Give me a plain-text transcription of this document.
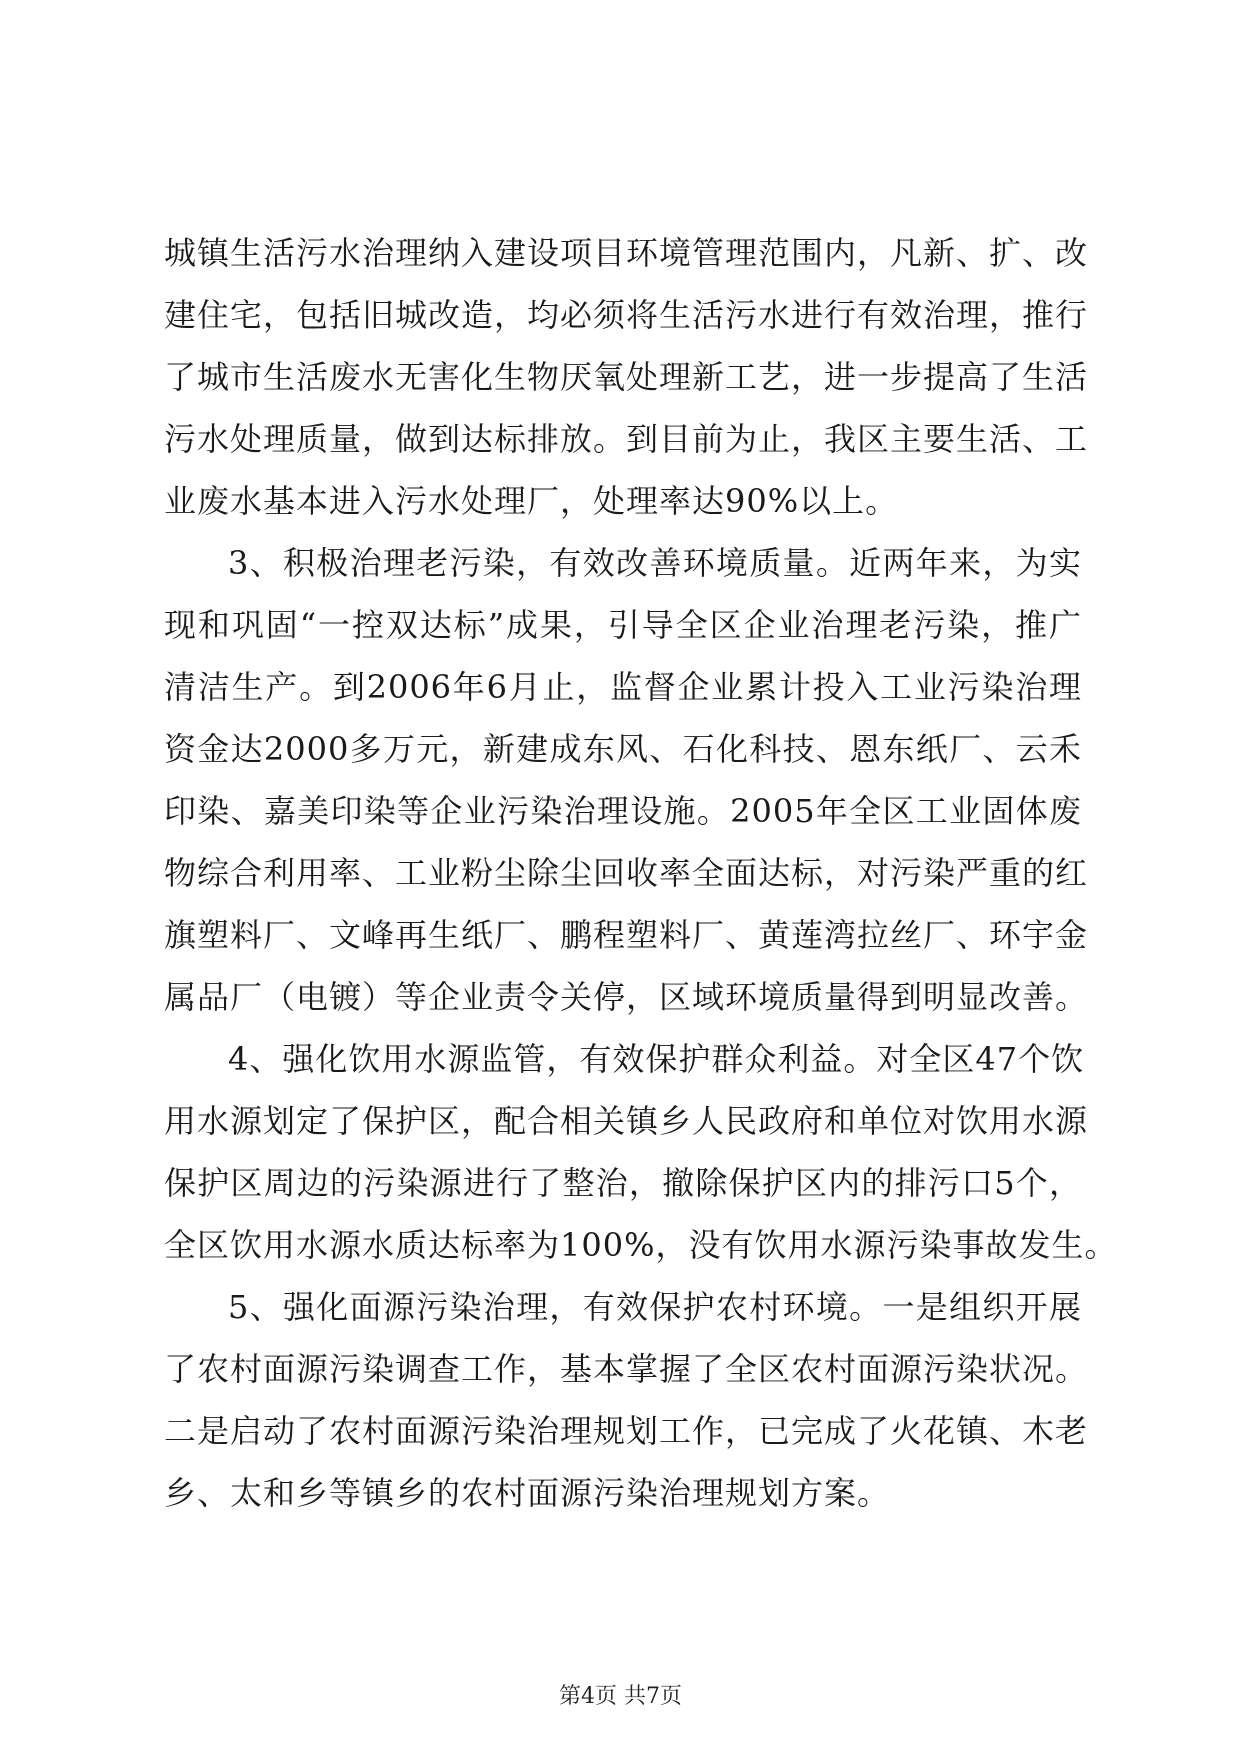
城镇生活污水治理纳入建设项目环境管理范围内，凡新、扩、改
建住宅，包括旧城改造，均必须将生活污水进行有效治理，推行
了城市生活废水无害化生物厌氧处理新工艺，进一步提高了生活
污水处理质量，做到达标排放。到目前为止，我区主要生活、工
业废水基本进入污水处理厂，处理率达90%以上。
3、积极治理老污染，有效改善环境质量。近两年来，为实
现和巩固“一控双达标”成果，引导全区企业治理老污染，推广
清洁生产。到2006年6月止，监督企业累计投入工业污染治理
资金达2000多万元，新建成东风、石化科技、恩东纸厂、云禾
印染、嘉美印染等企业污染治理设施。2005年全区工业固体废
物综合利用率、工业粉尘除尘回收率全面达标，对污染严重的红
旗塑料厂、文峰再生纸厂、鹏程塑料厂、黄莲湾拉丝厂、环宇金
属品厂（电镀）等企业责令关停，区域环境质量得到明显改善。
4、强化饮用水源监管，有效保护群众利益。对全区47个饮
用水源划定了保护区，配合相关镇乡人民政府和单位对饮用水源
保护区周边的污染源进行了整治，撤除保护区内的排污口5个，
全区饮用水源水质达标率为100%，没有饮用水源污染事故发生。
5、强化面源污染治理，有效保护农村环境。一是组织开展
了农村面源污染调查工作，基本掌握了全区农村面源污染状况。
二是启动了农村面源污染治理规划工作，已完成了火花镇、木老
乡、太和乡等镇乡的农村面源污染治理规划方案。
第4页 共7页
